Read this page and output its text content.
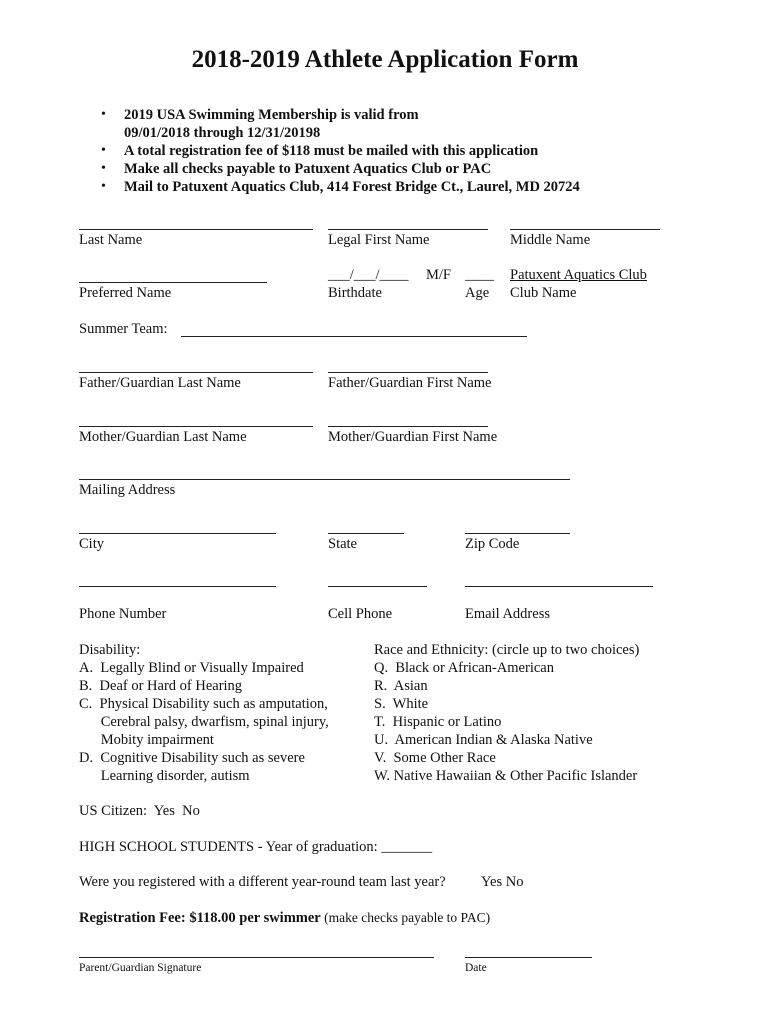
2018-2019 Athlete Application Form
• 2019 USA Swimming Membership is valid from
09/01/2018 through 12/31/20198
• A total registration fee of $118 must be mailed with this application
• Make all checks payable to Patuxent Aquatics Club or PAC
• Mail to Patuxent Aquatics Club, 414 Forest Bridge Ct., Laurel, MD 20724
Last Name	Legal First Name	Middle Name
___/___/____ M/F ____ Patuxent Aquatics Club
Preferred Name	Birthdate	Age Club Name
Summer Team:
Father/Guardian Last Name	Father/Guardian First Name
Mother/Guardian Last Name	Mother/Guardian First Name
Mailing Address
City	State	Zip Code
Phone Number	Cell Phone	Email Address
Disability:
A.  Legally Blind or Visually Impaired
B.  Deaf or Hard of Hearing
C.  Physical Disability such as amputation,
Cerebral palsy, dwarfism, spinal injury,
Mobity impairment
D.  Cognitive Disability such as severe
Learning disorder, autism
Race and Ethnicity: (circle up to two choices)
Q.  Black or African-American
R.  Asian
S.  White
T.  Hispanic or Latino
U.  American Indian & Alaska Native
V.  Some Other Race
W. Native Hawaiian & Other Pacific Islander
US Citizen:  Yes  No
HIGH SCHOOL STUDENTS - Year of graduation: _______
Were you registered with a different year-round team last year? Yes No
Registration Fee: $118.00 per swimmer (make checks payable to PAC)
Parent/Guardian Signature	Date
